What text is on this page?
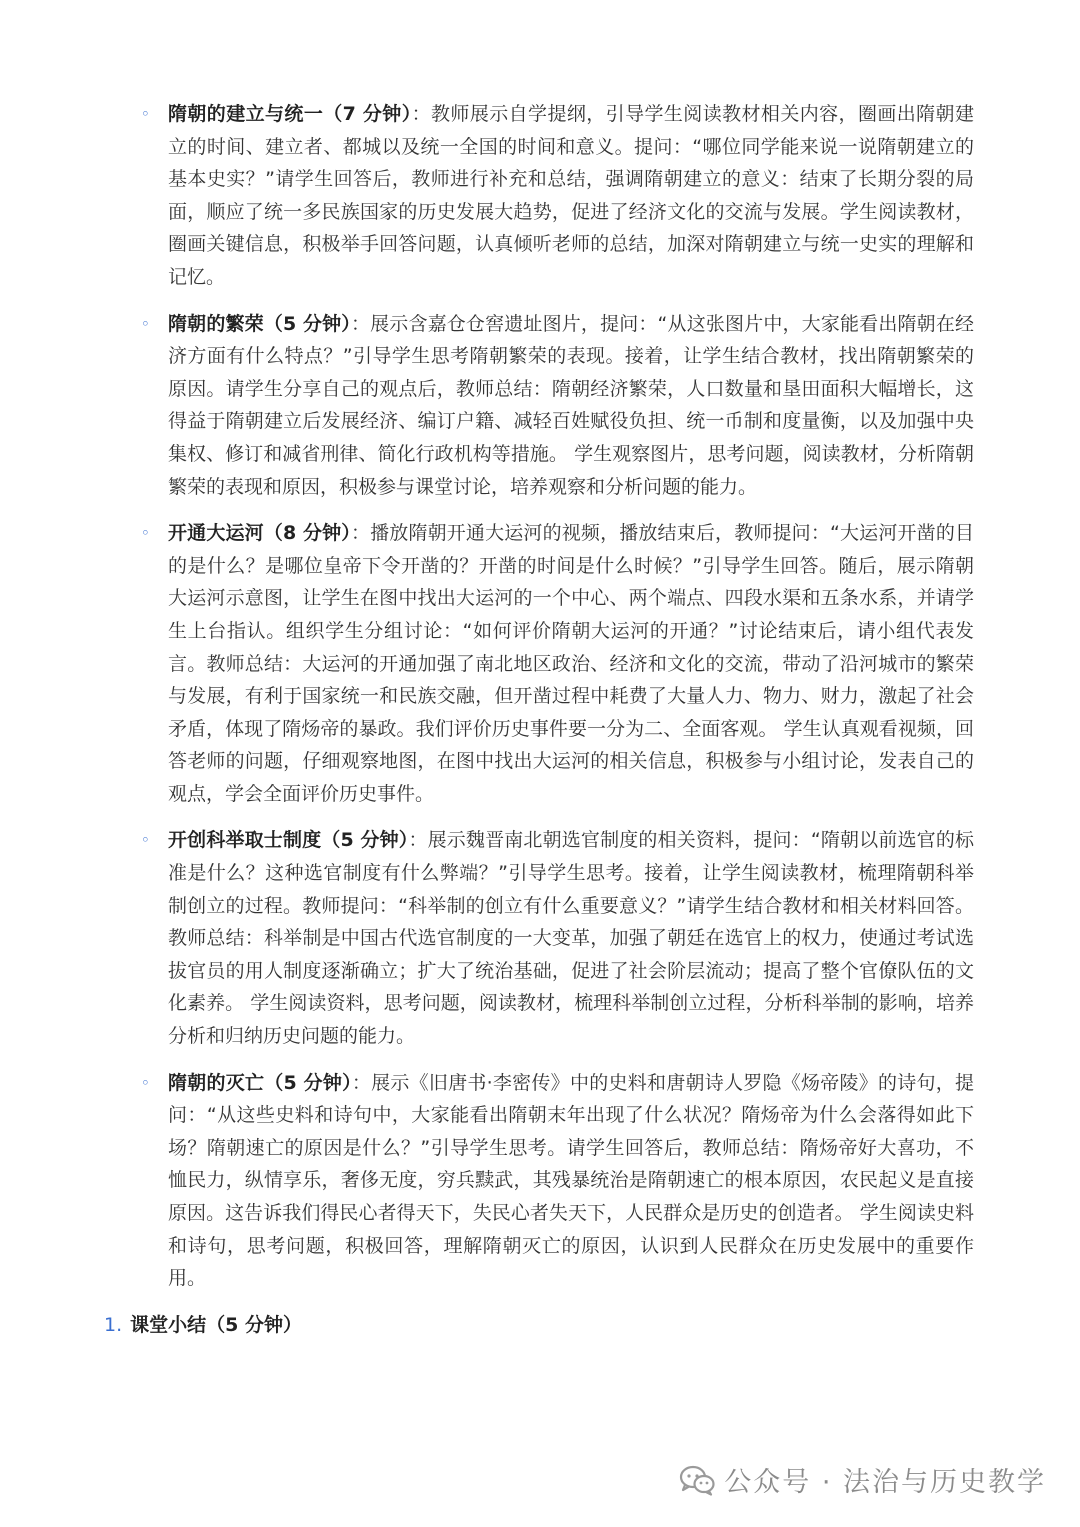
◦ 隋朝的建立与统一（7 分钟）：教师展示自学提纲，引导学生阅读教材相关内容，圈画出隋朝建立的时间、建立者、都城以及统一全国的时间和意义。提问：“哪位同学能来说一说隋朝建立的基本史实？”请学生回答后，教师进行补充和总结，强调隋朝建立的意义：结束了长期分裂的局面，顺应了统一多民族国家的历史发展大趋势，促进了经济文化的交流与发展。学生阅读教材，圈画关键信息，积极举手回答问题，认真倾听老师的总结，加深对隋朝建立与统一史实的理解和记忆。
◦ 隋朝的繁荣（5 分钟）：展示含嘉仓仓窖遗址图片，提问：“从这张图片中，大家能看出隋朝在经济方面有什么特点？”引导学生思考隋朝繁荣的表现。接着，让学生结合教材，找出隋朝繁荣的原因。请学生分享自己的观点后，教师总结：隋朝经济繁荣，人口数量和垦田面积大幅增长，这得益于隋朝建立后发展经济、编订户籍、减轻百姓赋役负担、统一币制和度量衡，以及加强中央集权、修订和减省刑律、简化行政机构等措施。 学生观察图片，思考问题，阅读教材，分析隋朝繁荣的表现和原因，积极参与课堂讨论，培养观察和分析问题的能力。
◦ 开通大运河（8 分钟）：播放隋朝开通大运河的视频，播放结束后，教师提问：“大运河开凿的目的是什么？是哪位皇帝下令开凿的？开凿的时间是什么时候？”引导学生回答。随后，展示隋朝大运河示意图，让学生在图中找出大运河的一个中心、两个端点、四段水渠和五条水系，并请学生上台指认。组织学生分组讨论：“如何评价隋朝大运河的开通？”讨论结束后，请小组代表发言。教师总结：大运河的开通加强了南北地区政治、经济和文化的交流，带动了沿河城市的繁荣与发展，有利于国家统一和民族交融，但开凿过程中耗费了大量人力、物力、财力，激起了社会矛盾，体现了隋炀帝的暴政。我们评价历史事件要一分为二、全面客观。 学生认真观看视频，回答老师的问题，仔细观察地图，在图中找出大运河的相关信息，积极参与小组讨论，发表自己的观点，学会全面评价历史事件。
◦ 开创科举取士制度（5 分钟）：展示魏晋南北朝选官制度的相关资料，提问：“隋朝以前选官的标准是什么？这种选官制度有什么弊端？”引导学生思考。接着，让学生阅读教材，梳理隋朝科举制创立的过程。教师提问：“科举制的创立有什么重要意义？”请学生结合教材和相关材料回答。教师总结：科举制是中国古代选官制度的一大变革，加强了朝廷在选官上的权力，使通过考试选拔官员的用人制度逐渐确立；扩大了统治基础，促进了社会阶层流动；提高了整个官僚队伍的文化素养。 学生阅读资料，思考问题，阅读教材，梳理科举制创立过程，分析科举制的影响，培养分析和归纳历史问题的能力。
◦ 隋朝的灭亡（5 分钟）：展示《旧唐书·李密传》中的史料和唐朝诗人罗隐《炀帝陵》的诗句，提问：“从这些史料和诗句中，大家能看出隋朝末年出现了什么状况？隋炀帝为什么会落得如此下场？隋朝速亡的原因是什么？”引导学生思考。请学生回答后，教师总结：隋炀帝好大喜功，不恤民力，纵情享乐，奢侈无度，穷兵黩武，其残暴统治是隋朝速亡的根本原因，农民起义是直接原因。这告诉我们得民心者得天下，失民心者失天下，人民群众是历史的创造者。 学生阅读史料和诗句，思考问题，积极回答，理解隋朝灭亡的原因，认识到人民群众在历史发展中的重要作用。
1. 课堂小结（5 分钟）
公众号 · 法治与历史教学
